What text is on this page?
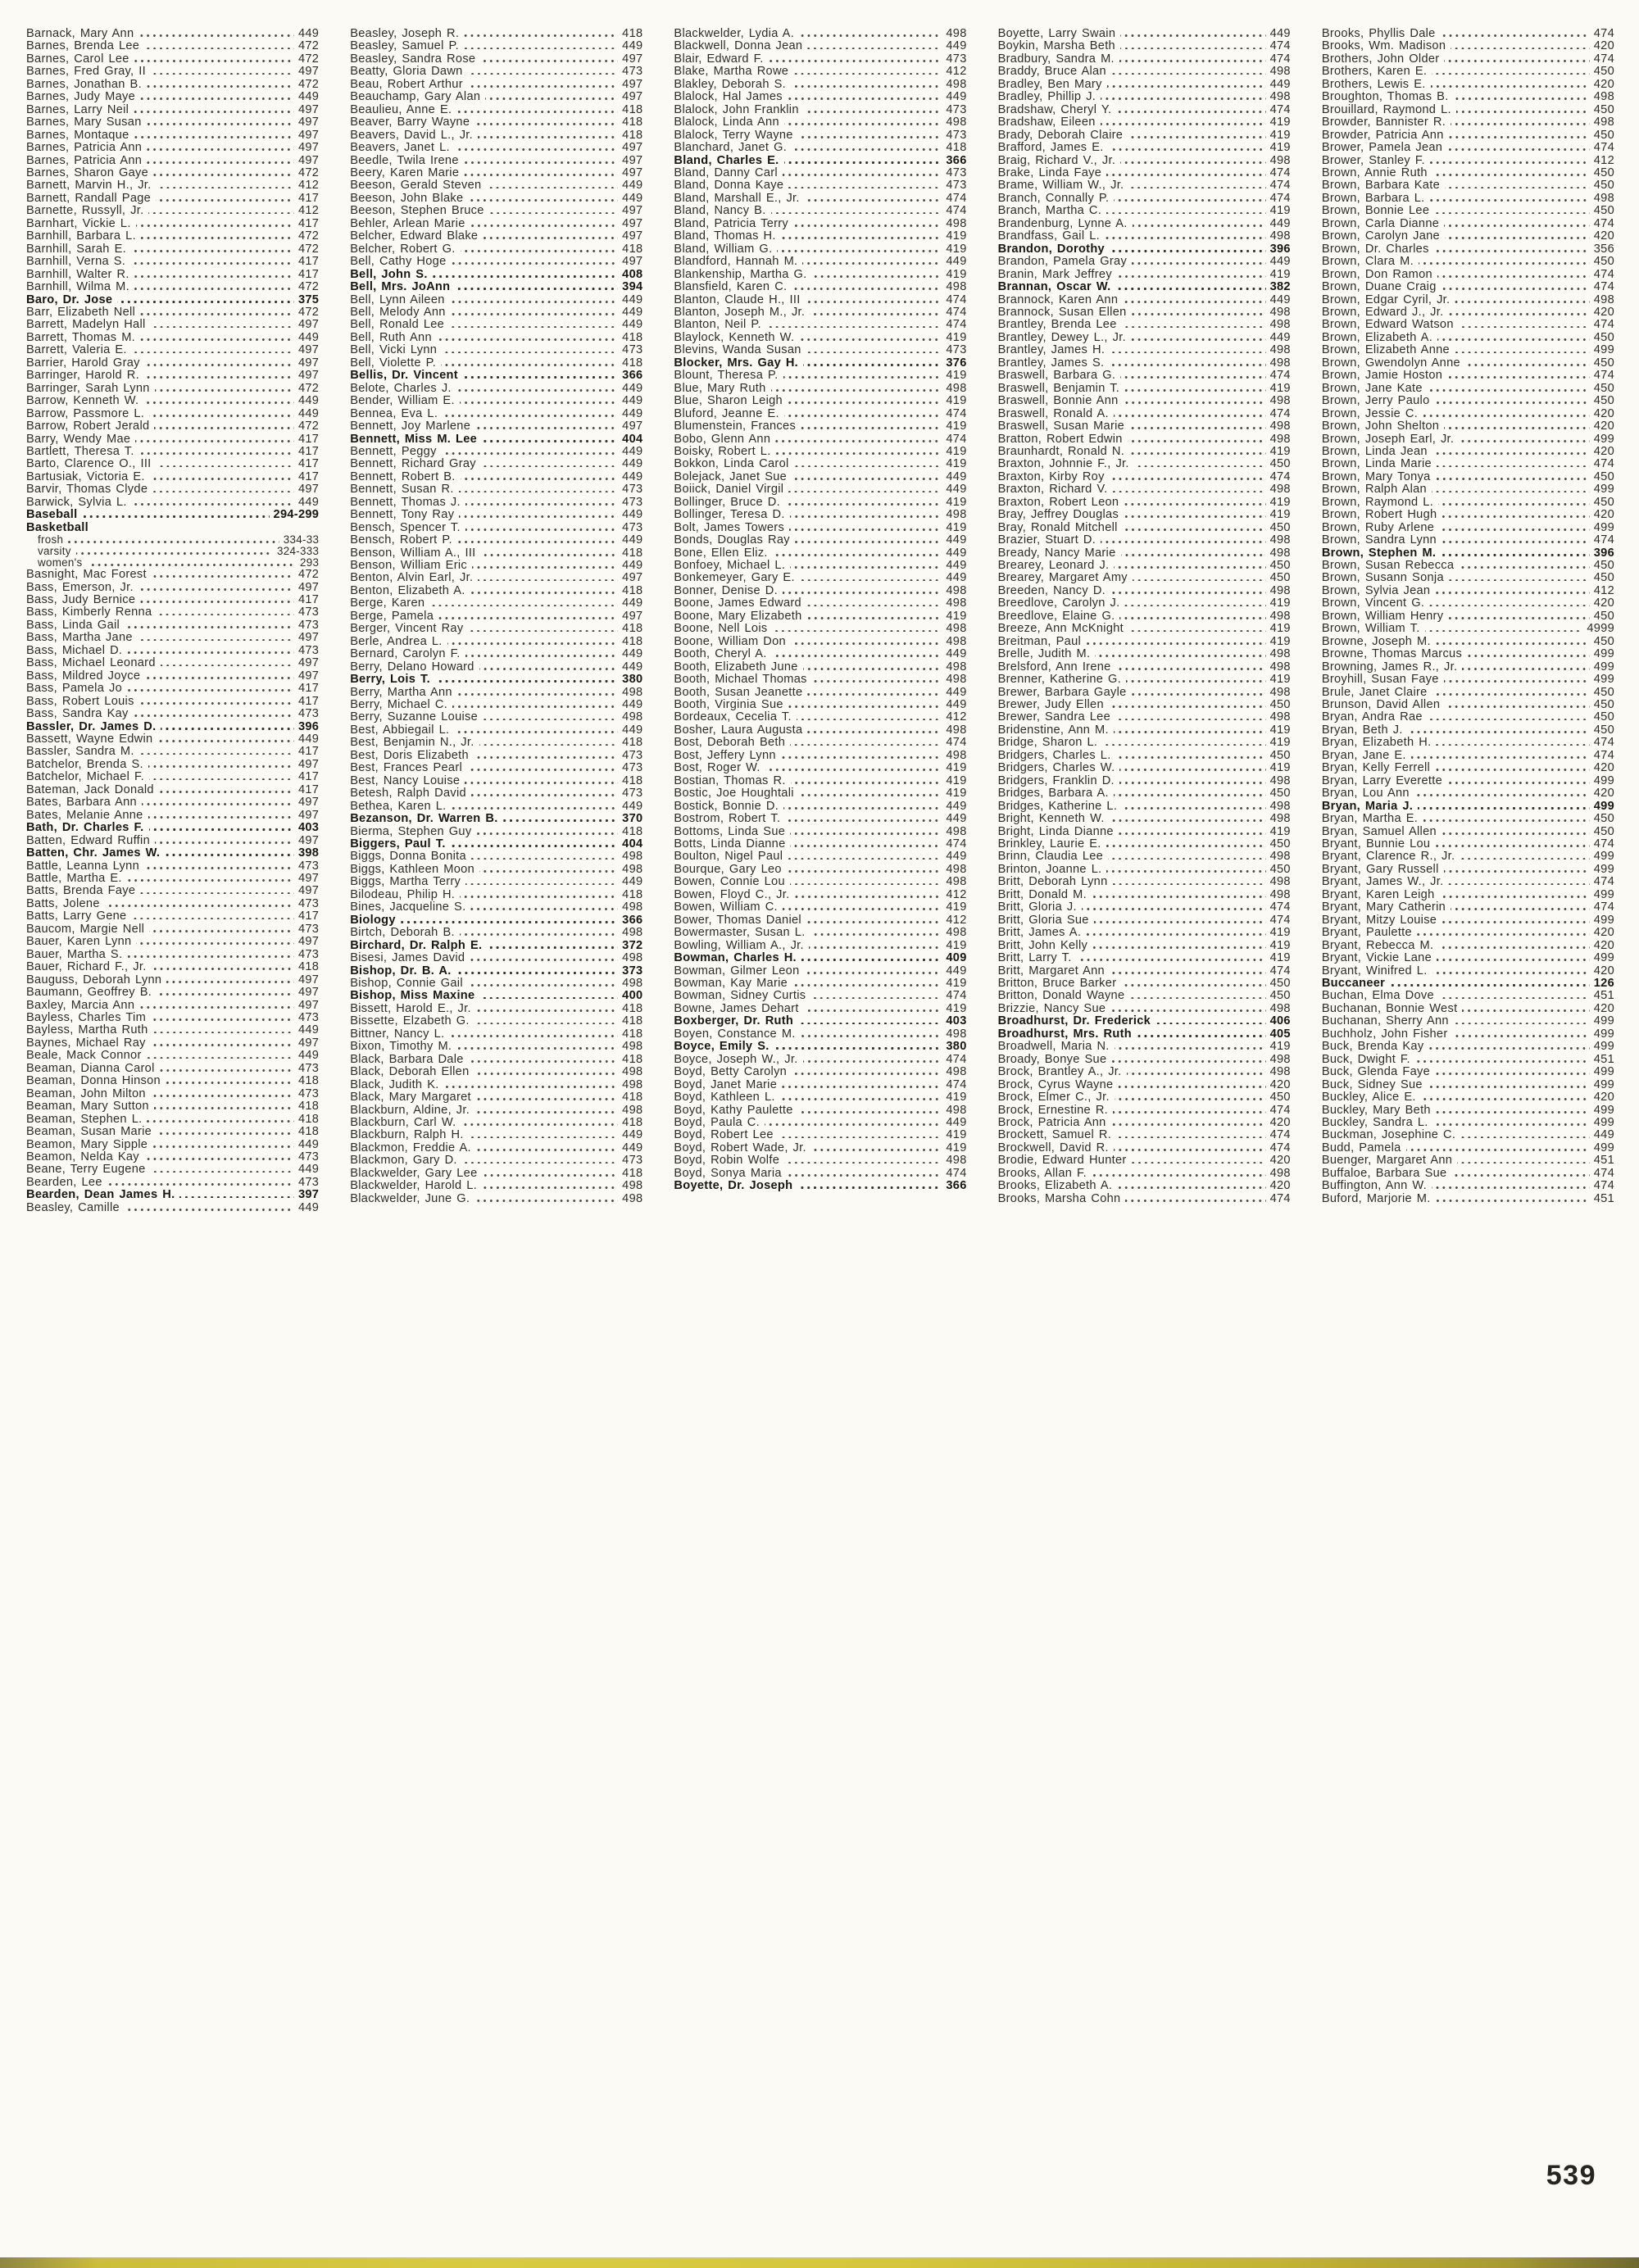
Barnack, Mary Ann	449
Barnes, Brenda Lee	472
Barnes, Carol Lee	472
Barnes, Fred Gray, II	497
Barnes, Jonathan B.	472
Barnes, Judy Maye	449
Barnes, Larry Neil	497
Barnes, Mary Susan	497
Barnes, Montaque	497
Barnes, Patricia Ann	497
Barnes, Patricia Ann	497
Barnes, Sharon Gaye	472
Barnett, Marvin H., Jr.	412
Barnett, Randall Page	417
Barnette, Russyll, Jr.	412
Barnhart, Vickie L.	417
Barnhill, Barbara L.	472
Barnhill, Sarah E.	472
Barnhill, Verna S.	417
Barnhill, Walter R.	417
Barnhill, Wilma M.	472
Baro, Dr. Jose	375
Barr, Elizabeth Nell	472
Barrett, Madelyn Hall	497
Barrett, Thomas M.	449
Barrett, Valeria E.	497
Barrier, Harold Gray	497
Barringer, Harold R.	497
Barringer, Sarah Lynn	472
Barrow, Kenneth W.	449
Barrow, Passmore L.	449
Barrow, Robert Jerald	472
Barry, Wendy Mae	417
Bartlett, Theresa T.	417
Barto, Clarence O., III	417
Bartusiak, Victoria E.	417
Barvir, Thomas Clyde	497
Barwick, Sylvia L.	449
Baseball	294-299
Basketball
frosh	334-33
varsity	324-333
women's	293
Basnight, Mac Forest	472
Bass, Emerson, Jr.	497
Bass, Judy Bernice	417
Bass, Kimberly Renna	473
Bass, Linda Gail	473
Bass, Martha Jane	497
Bass, Michael D.	473
Bass, Michael Leonard	497
Bass, Mildred Joyce	497
Bass, Pamela Jo	417
Bass, Robert Louis	417
Bass, Sandra Kay	473
Bassler, Dr. James D.	396
Bassett, Wayne Edwin	449
Bassler, Sandra M.	417
Batchelor, Brenda S.	497
Batchelor, Michael F.	417
Bateman, Jack Donald	417
Bates, Barbara Ann	497
Bates, Melanie Anne	497
Bath, Dr. Charles F.	403
Batten, Edward Ruffin	497
Batten, Chr. James W.	398
Battle, Leanna Lynn	473
Battle, Martha E.	497
Batts, Brenda Faye	497
Batts, Jolene	473
Batts, Larry Gene	417
Baucom, Margie Nell	473
Bauer, Karen Lynn	497
Bauer, Martha S.	473
Bauer, Richard F., Jr.	418
Bauguss, Deborah Lynn	497
Baumann, Geoffrey B.	497
Baxley, Marcia Ann	497
Bayless, Charles Tim	473
Bayless, Martha Ruth	449
Baynes, Michael Ray	497
Beale, Mack Connor	449
Beaman, Dianna Carol	473
Beaman, Donna Hinson	418
Beaman, John Milton	473
Beaman, Mary Sutton	418
Beaman, Stephen L.	418
Beaman, Susan Marie	418
Beamon, Mary Sipple	449
Beamon, Nelda Kay	473
Beane, Terry Eugene	449
Bearden, Lee	473
Bearden, Dean James H.	397
Beasley, Camille	449
Beasley, Joseph R.	418
Beasley, Samuel P.	449
Beasley, Sandra Rose	497
Beatty, Gloria Dawn	473
Beau, Robert Arthur	497
Beauchamp, Gary Alan	497
Beaulieu, Anne E.	418
Beaver, Barry Wayne	418
Beavers, David L., Jr.	418
Beavers, Janet L.	497
Beedle, Twila Irene	497
Beery, Karen Marie	497
Beeson, Gerald Steven	449
Beeson, John Blake	449
Beeson, Stephen Bruce	497
Behler, Arlean Marie	497
Belcher, Edward Blake	497
Belcher, Robert G.	418
Bell, Cathy Hoge	497
Bell, John S.	408
Bell, Mrs. JoAnn	394
Bell, Lynn Aileen	449
Bell, Melody Ann	449
Bell, Ronald Lee	449
Bell, Ruth Ann	418
Bell, Vicki Lynn	473
Bell, Violette P.	418
Bellis, Dr. Vincent	366
Belote, Charles J.	449
Bender, William E.	449
Bennea, Eva L.	449
Bennett, Joy Marlene	497
Bennett, Miss M. Lee	404
Bennett, Peggy	449
Bennett, Richard Gray	449
Bennett, Robert B.	449
Bennett, Susan R.	473
Bennett, Thomas J.	473
Bennett, Tony Ray	449
Bensch, Spencer T.	473
Bensch, Robert P.	449
Benson, William A., III	418
Benson, William Eric	449
Benton, Alvin Earl, Jr.	497
Benton, Elizabeth A.	418
Berge, Karen	449
Berge, Pamela	497
Berger, Vincent Ray	418
Berle, Andrea L.	418
Bernard, Carolyn F.	449
Berry, Delano Howard	449
Berry, Lois T.	380
Berry, Martha Ann	498
Berry, Michael C.	449
Berry, Suzanne Louise	498
Best, Abbiegail L.	449
Best, Benjamin N., Jr.	418
Best, Doris Elizabeth	473
Best, Frances Pearl	473
Best, Nancy Louise	418
Betesh, Ralph David	473
Bethea, Karen L.	449
Bezanson, Dr. Warren B.	370
Bierma, Stephen Guy	418
Biggers, Paul T.	404
Biggs, Donna Bonita	498
Biggs, Kathleen Moon	498
Biggs, Martha Terry	449
Bilodeau, Philip H.	418
Bines, Jacqueline S.	498
Biology	366
Birtch, Deborah B.	498
Birchard, Dr. Ralph E.	372
Bisesi, James David	498
Bishop, Dr. B. A.	373
Bishop, Connie Gail	498
Bishop, Miss Maxine	400
Bissett, Harold E., Jr.	418
Bissette, Elzabeth G.	418
Bittner, Nancy L.	418
Bixon, Timothy M.	498
Black, Barbara Dale	418
Black, Deborah Ellen	498
Black, Judith K.	498
Black, Mary Margaret	418
Blackburn, Aldine, Jr.	498
Blackburn, Carl W.	418
Blackburn, Ralph H.	449
Blackmon, Freddie A.	449
Blackmon, Gary D.	473
Blackwelder, Gary Lee	418
Blackwelder, Harold L.	498
Blackwelder, June G.	498
Blackwelder, Lydia A.	498
Blackwell, Donna Jean	449
Blair, Edward F.	473
Blake, Martha Rowe	412
Blakley, Deborah S.	498
Blalock, Hal James	449
Blalock, John Franklin	473
Blalock, Linda Ann	498
Blalock, Terry Wayne	473
Blanchard, Janet G.	418
Bland, Charles E.	366
Bland, Danny Carl	473
Bland, Donna Kaye	473
Bland, Marshall E., Jr.	474
Bland, Nancy B.	474
Bland, Patricia Terry	498
Bland, Thomas H.	419
Bland, William G.	419
Blandford, Hannah M.	449
Blankenship, Martha G.	419
Blansfield, Karen C.	498
Blanton, Claude H., III	474
Blanton, Joseph M., Jr.	474
Blanton, Neil P.	474
Blaylock, Kenneth W.	419
Blevins, Wanda Susan	473
Blocker, Mrs. Gay H.	376
Blount, Theresa P.	419
Blue, Mary Ruth	498
Blue, Sharon Leigh	419
Bluford, Jeanne E.	474
Blumenstein, Frances	419
Bobo, Glenn Ann	474
Boisky, Robert L.	419
Bokkon, Linda Carol	419
Bolejack, Janet Sue	449
Boiick, Daniel Virgil	449
Bollinger, Bruce D.	419
Bollinger, Teresa D.	498
Bolt, James Towers	419
Bonds, Douglas Ray	449
Bone, Ellen Eliz.	449
Bonfoey, Michael L.	449
Bonkemeyer, Gary E.	449
Bonner, Denise D.	498
Boone, James Edward	498
Boone, Mary Elizabeth	419
Boone, Nell Lois	498
Boone, William Don	498
Booth, Cheryl A.	449
Booth, Elizabeth June	498
Booth, Michael Thomas	498
Booth, Susan Jeanette	449
Booth, Virginia Sue	449
Bordeaux, Cecelia T.	412
Bosher, Laura Augusta	498
Bost, Deborah Beth	474
Bost, Jeffery Lynn	498
Bost, Roger W.	419
Bostian, Thomas R.	419
Bostic, Joe Houghtali	419
Bostick, Bonnie D.	449
Bostrom, Robert T.	449
Bottoms, Linda Sue	498
Botts, Linda Dianne	474
Boulton, Nigel Paul	449
Bourque, Gary Leo	498
Bowen, Connie Lou	498
Bowen, Floyd C., Jr.	412
Bowen, William C.	419
Bower, Thomas Daniel	412
Bowermaster, Susan L.	498
Bowling, William A., Jr.	419
Bowman, Charles H.	409
Bowman, Gilmer Leon	449
Bowman, Kay Marie	419
Bowman, Sidney Curtis	474
Bowne, James Dehart	419
Boxberger, Dr. Ruth	403
Boyen, Constance M.	498
Boyce, Emily S.	380
Boyce, Joseph W., Jr.	474
Boyd, Betty Carolyn	498
Boyd, Janet Marie	474
Boyd, Kathleen L.	419
Boyd, Kathy Paulette	498
Boyd, Paula C.	449
Boyd, Robert Lee	419
Boyd, Robert Wade, Jr.	419
Boyd, Robin Wolfe	498
Boyd, Sonya Maria	474
Boyette, Dr. Joseph	366
Boyette, Larry Swain	449
Boykin, Marsha Beth	474
Bradbury, Sandra M.	474
Braddy, Bruce Alan	498
Bradley, Ben Mary	449
Bradley, Phillip J.	498
Bradshaw, Cheryl Y.	474
Bradshaw, Eileen	419
Brady, Deborah Claire	419
Brafford, James E.	419
Braig, Richard V., Jr.	498
Brake, Linda Faye	474
Brame, William W., Jr.	474
Branch, Connally P.	474
Branch, Martha C.	419
Brandenburg, Lynne A.	449
Brandfass, Gail L.	498
Brandon, Dorothy	396
Brandon, Pamela Gray	449
Branin, Mark Jeffrey	419
Brannan, Oscar W.	382
Brannock, Karen Ann	449
Brannock, Susan Ellen	498
Brantley, Brenda Lee	498
Brantley, Dewey L., Jr.	449
Brantley, James H.	498
Brantley, James S.	498
Braswell, Barbara G.	474
Braswell, Benjamin T.	419
Braswell, Bonnie Ann	498
Braswell, Ronald A.	474
Braswell, Susan Marie	498
Bratton, Robert Edwin	498
Braunhardt, Ronald N.	419
Braxton, Johnnie F., Jr.	450
Braxton, Kirby Roy	474
Braxton, Richard V.	498
Braxton, Robert Leon	419
Bray, Jeffrey Douglas	419
Bray, Ronald Mitchell	450
Brazier, Stuart D.	498
Bready, Nancy Marie	498
Brearey, Leonard J.	450
Brearey, Margaret Amy	450
Breeden, Nancy D.	498
Breedlove, Carolyn J.	419
Breedlove, Elaine G.	498
Breeze, Ann McKnight	419
Breitman, Paul	419
Brelle, Judith M.	498
Brelsford, Ann Irene	498
Brenner, Katherine G.	419
Brewer, Barbara Gayle	498
Brewer, Judy Ellen	450
Brewer, Sandra Lee	498
Bridenstine, Ann M.	419
Bridge, Sharon L.	419
Bridgers, Charles L.	450
Bridgers, Charles W.	419
Bridgers, Franklin D.	498
Bridges, Barbara A.	450
Bridges, Katherine L.	498
Bright, Kenneth W.	498
Bright, Linda Dianne	419
Brinkley, Laurie E.	450
Brinn, Claudia Lee	498
Brinton, Joanne L.	450
Britt, Deborah Lynn	498
Britt, Donald M.	498
Britt, Gloria J.	474
Britt, Gloria Sue	474
Britt, James A.	419
Britt, John Kelly	419
Britt, Larry T.	419
Britt, Margaret Ann	474
Britton, Bruce Barker	450
Britton, Donald Wayne	450
Brizzie, Nancy Sue	498
Broadhurst, Dr. Frederick	406
Broadhurst, Mrs. Ruth	405
Broadwell, Maria N.	419
Broady, Bonye Sue	498
Brock, Brantley A., Jr.	498
Brock, Cyrus Wayne	420
Brock, Elmer C., Jr.	450
Brock, Ernestine R.	474
Brock, Patricia Ann	420
Brockett, Samuel R.	474
Brockwell, David R.	474
Brodie, Edward Hunter	420
Brooks, Allan F.	498
Brooks, Elizabeth A.	420
Brooks, Marsha Cohn	474
Brooks, Phyllis Dale	474
Brooks, Wm. Madison	420
Brothers, John Older	474
Brothers, Karen E.	450
Brothers, Lewis E.	420
Broughton, Thomas B.	498
Brouillard, Raymond L.	450
Browder, Bannister R.	498
Browder, Patricia Ann	450
Brower, Pamela Jean	474
Brower, Stanley F.	412
Brown, Annie Ruth	450
Brown, Barbara Kate	450
Brown, Barbara L.	498
Brown, Bonnie Lee	450
Brown, Carla Dianne	474
Brown, Carolyn Jane	420
Brown, Dr. Charles	356
Brown, Clara M.	450
Brown, Don Ramon	474
Brown, Duane Craig	474
Brown, Edgar Cyril, Jr.	498
Brown, Edward J., Jr.	420
Brown, Edward Watson	474
Brown, Elizabeth A.	450
Brown, Elizabeth Anne	499
Brown, Gwendolyn Anne	450
Brown, Jamie Hoston	474
Brown, Jane Kate	450
Brown, Jerry Paulo	450
Brown, Jessie C.	420
Brown, John Shelton	420
Brown, Joseph Earl, Jr.	499
Brown, Linda Jean	420
Brown, Linda Marie	474
Brown, Mary Tonya	450
Brown, Ralph Alan	499
Brown, Raymond L.	450
Brown, Robert Hugh	420
Brown, Ruby Arlene	499
Brown, Sandra Lynn	474
Brown, Stephen M.	396
Brown, Susan Rebecca	450
Brown, Susann Sonja	450
Brown, Sylvia Jean	412
Brown, Vincent G.	420
Brown, William Henry	450
Brown, William T.	4999
Browne, Joseph M.	450
Browne, Thomas Marcus	499
Browning, James R., Jr.	499
Broyhill, Susan Faye	499
Brule, Janet Claire	450
Brunson, David Allen	450
Bryan, Andra Rae	450
Bryan, Beth J.	450
Bryan, Elizabeth H.	474
Bryan, Jane E.	474
Bryan, Kelly Ferrell	420
Bryan, Larry Everette	499
Bryan, Lou Ann	420
Bryan, Maria J.	499
Bryan, Martha E.	450
Bryan, Samuel Allen	450
Bryant, Bunnie Lou	474
Bryant, Clarence R., Jr.	499
Bryant, Gary Russell	499
Bryant, James W., Jr.	474
Bryant, Karen Leigh	499
Bryant, Mary Catherin	474
Bryant, Mitzy Louise	499
Bryant, Paulette	420
Bryant, Rebecca M.	420
Bryant, Vickie Lane	499
Bryant, Winifred L.	420
Buccaneer	126
Buchan, Elma Dove	451
Buchanan, Bonnie West	420
Buchanan, Sherry Ann	499
Buchholz, John Fisher	499
Buck, Brenda Kay	499
Buck, Dwight F.	451
Buck, Glenda Faye	499
Buck, Sidney Sue	499
Buckley, Alice E.	420
Buckley, Mary Beth	499
Buckley, Sandra L.	499
Buckman, Josephine C.	449
Budd, Pamela	499
Buenger, Margaret Ann	451
Buffaloe, Barbara Sue	474
Buffington, Ann W.	474
Buford, Marjorie M.	451
539
